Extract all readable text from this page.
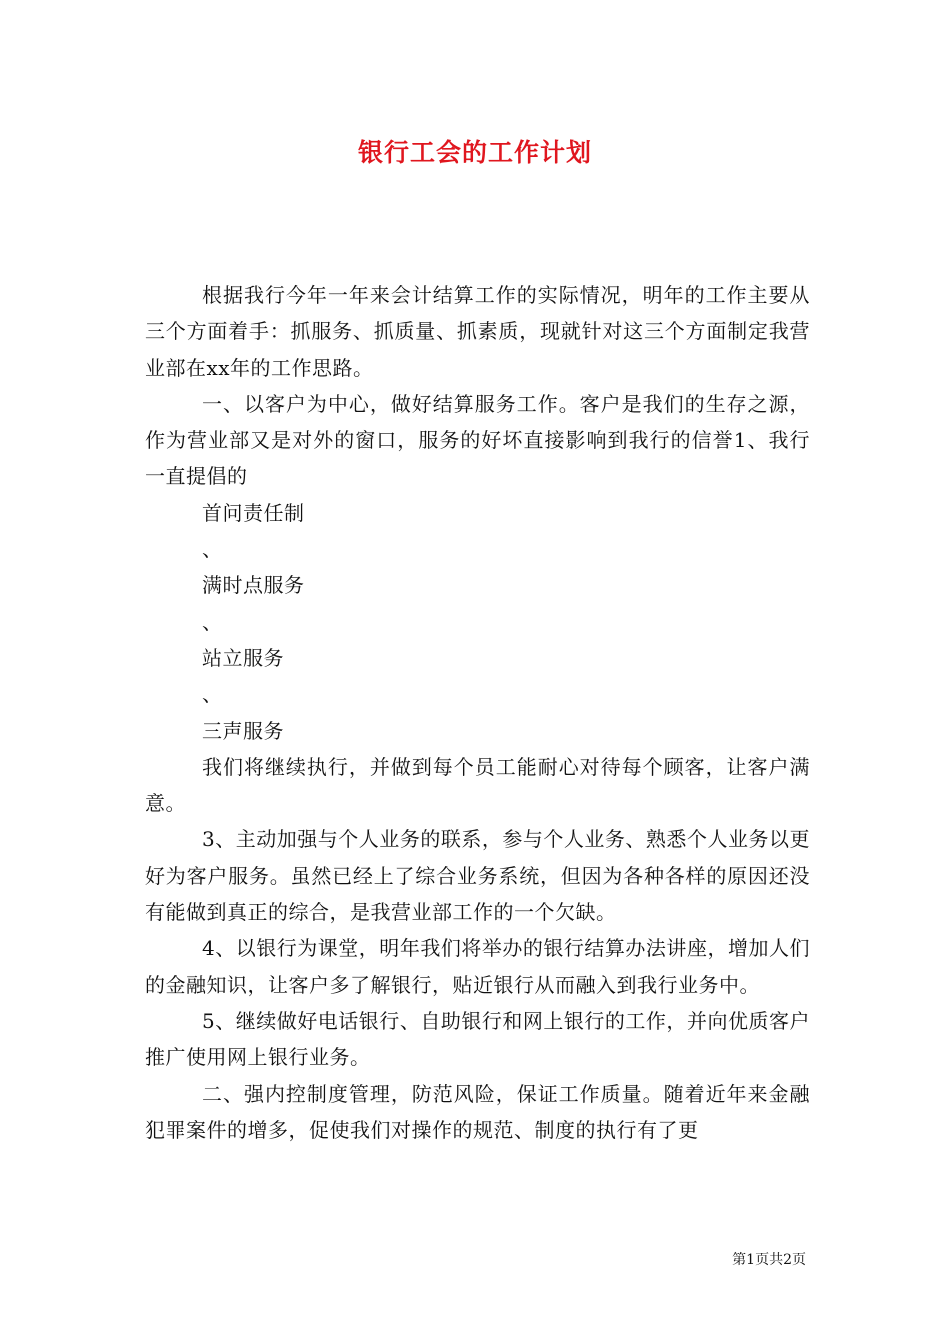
银行工会的工作计划

根据我行今年一年来会计结算工作的实际情况，明年的工作主要从三个方面着手：抓服务、抓质量、抓素质，现就针对这三个方面制定我营业部在xx年的工作思路。

一、以客户为中心，做好结算服务工作。客户是我们的生存之源，作为营业部又是对外的窗口，服务的好坏直接影响到我行的信誉1、我行一直提倡的

首问责任制

、

满时点服务

、

站立服务

、

三声服务

我们将继续执行，并做到每个员工能耐心对待每个顾客，让客户满意。

3、主动加强与个人业务的联系，参与个人业务、熟悉个人业务以更好为客户服务。虽然已经上了综合业务系统，但因为各种各样的原因还没有能做到真正的综合，是我营业部工作的一个欠缺。

4、以银行为课堂，明年我们将举办的银行结算办法讲座，增加人们的金融知识，让客户多了解银行，贴近银行从而融入到我行业务中。

5、继续做好电话银行、自助银行和网上银行的工作，并向优质客户推广使用网上银行业务。

二、强内控制度管理，防范风险，保证工作质量。随着近年来金融犯罪案件的增多，促使我们对操作的规范、制度的执行有了更

第1页共2页
